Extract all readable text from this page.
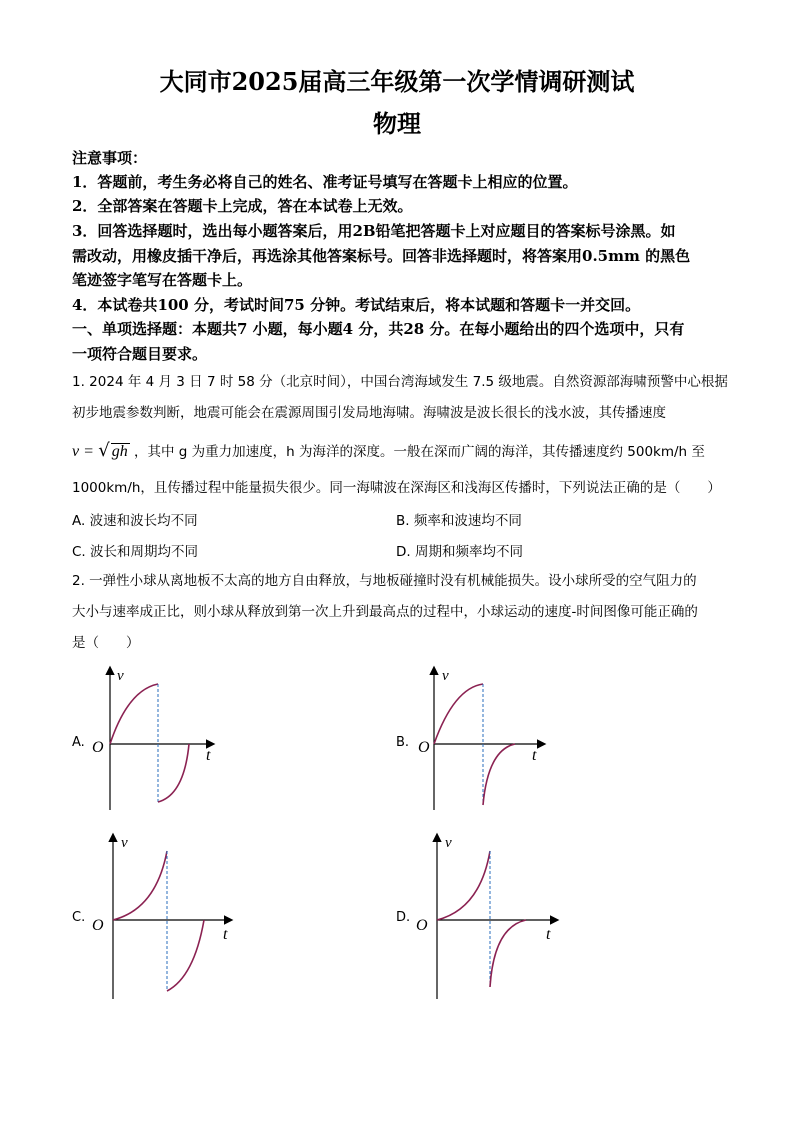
大同市2025届高三年级第一次学情调研测试
物理
注意事项：
1．答题前，考生务必将自己的姓名、准考证号填写在答题卡上相应的位置。
2．全部答案在答题卡上完成，答在本试卷上无效。
3．回答选择题时，选出每小题答案后，用2B铅笔把答题卡上对应题目的答案标号涂黑。如
需改动，用橡皮插干净后，再选涂其他答案标号。回答非选择题时，将答案用0.5mm 的黑色
笔迹签字笔写在答题卡上。
4．本试卷共100 分，考试时间75 分钟。考试结束后，将本试题和答题卡一并交回。
一、单项选择题：本题共7 小题，每小题4 分，共28 分。在每小题给出的四个选项中，只有
一项符合题目要求。
1. 2024 年 4 月 3 日 7 时 58 分（北京时间），中国台湾海域发生 7.5 级地震。自然资源部海啸预警中心根据
初步地震参数判断，地震可能会在震源周围引发局地海啸。海啸波是波长很长的浅水波，其传播速度
v = √ gh ，其中 g 为重力加速度，h 为海洋的深度。一般在深而广阔的海洋，其传播速度约 500km/h 至
1000km/h，且传播过程中能量损失很少。同一海啸波在深海区和浅海区传播时，下列说法正确的是（　　）
A. 波速和波长均不同	B. 频率和波速均不同
C. 波长和周期均不同	D. 周期和频率均不同
2. 一弹性小球从离地板不太高的地方自由释放，与地板碰撞时没有机械能损失。设小球所受的空气阻力的
大小与速率成正比，则小球从释放到第一次上升到最高点的过程中，小球运动的速度-时间图像可能正确的
是（　　）
A.
v
t
O	B.
v
t
O
C.
v
t
O	D.
v
t
O
